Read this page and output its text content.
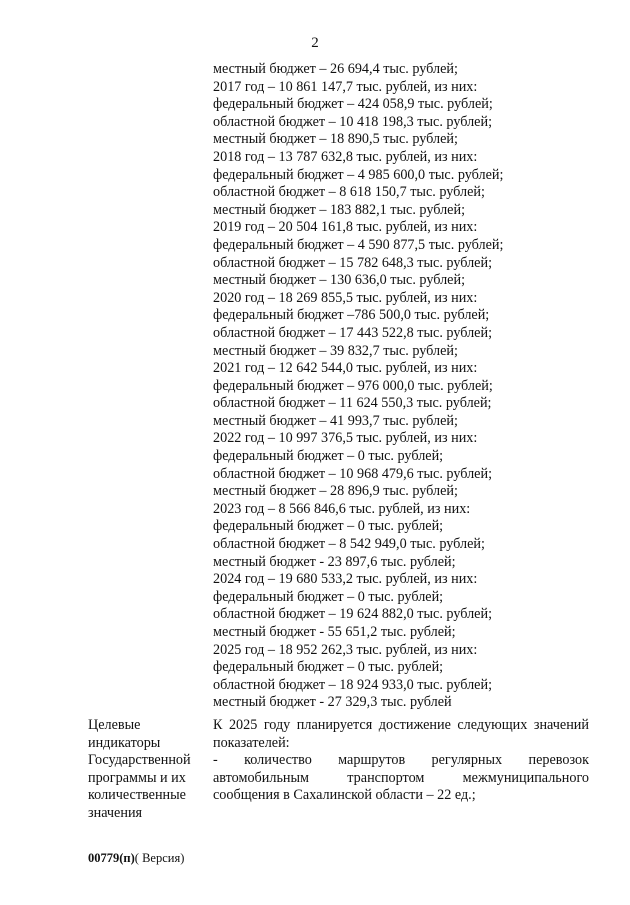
2
местный бюджет – 26 694,4 тыс. рублей;
2017 год – 10 861 147,7 тыс. рублей, из них:
федеральный бюджет – 424 058,9 тыс. рублей;
областной бюджет – 10 418 198,3 тыс. рублей;
местный бюджет – 18 890,5 тыс. рублей;
2018 год – 13 787 632,8 тыс. рублей, из них:
федеральный бюджет – 4 985 600,0 тыс. рублей;
областной бюджет – 8 618 150,7 тыс. рублей;
местный бюджет – 183 882,1 тыс. рублей;
2019 год – 20 504 161,8 тыс. рублей, из них:
федеральный бюджет – 4 590 877,5 тыс. рублей;
областной бюджет – 15 782 648,3 тыс. рублей;
местный бюджет – 130 636,0 тыс. рублей;
2020 год – 18 269 855,5 тыс. рублей, из них:
федеральный бюджет –786 500,0 тыс. рублей;
областной бюджет – 17 443 522,8 тыс. рублей;
местный бюджет – 39 832,7 тыс. рублей;
2021 год – 12 642 544,0 тыс. рублей, из них:
федеральный бюджет – 976 000,0 тыс. рублей;
областной бюджет – 11 624 550,3 тыс. рублей;
местный бюджет – 41 993,7 тыс. рублей;
2022 год – 10 997 376,5 тыс. рублей, из них:
федеральный бюджет – 0 тыс. рублей;
областной бюджет – 10 968 479,6 тыс. рублей;
местный бюджет – 28 896,9 тыс. рублей;
2023 год – 8 566 846,6 тыс. рублей, из них:
федеральный бюджет – 0 тыс. рублей;
областной бюджет – 8 542 949,0 тыс. рублей;
местный бюджет - 23 897,6 тыс. рублей;
2024 год – 19 680 533,2 тыс. рублей, из них:
федеральный бюджет – 0 тыс. рублей;
областной бюджет – 19 624 882,0 тыс. рублей;
местный бюджет - 55 651,2 тыс. рублей;
2025 год – 18 952 262,3 тыс. рублей, из них:
федеральный бюджет – 0 тыс. рублей;
областной бюджет – 18 924 933,0 тыс. рублей;
местный бюджет - 27 329,3 тыс. рублей
Целевые
индикаторы
Государственной
программы и их
количественные
значения
К 2025 году планируется достижение следующих значений
показателей:
- количество маршрутов регулярных перевозок
автомобильным транспортом межмуниципального
сообщения в Сахалинской области – 22 ед.;
00779(п)( Версия)
